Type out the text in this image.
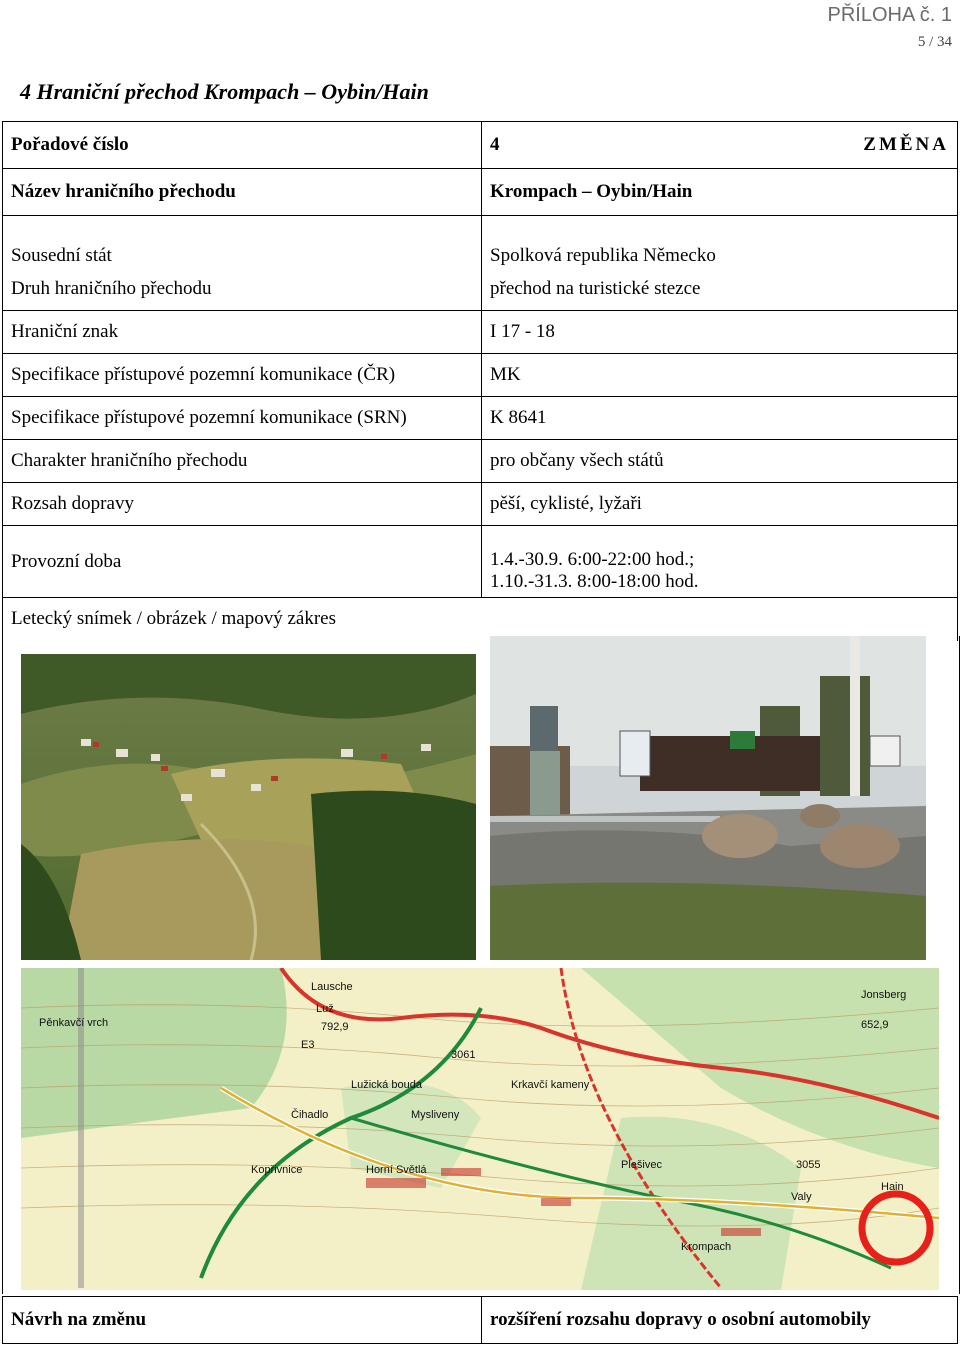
PŘÍLOHA č. 1
5 / 34
4 Hraniční přechod Krompach – Oybin/Hain
Pořadové číslo	4 ZMĚNA

Název hraničního přechodu	Krompach – Oybin/Hain
Sousední stát	Spolková republika Německo
Druh hraničního přechodu	přechod na turistické stezce
Hraniční znak	I 17 - 18
Specifikace přístupové pozemní komunikace (ČR)	MK
Specifikace přístupové pozemní komunikace (SRN)	K 8641
Charakter hraničního přechodu	pro občany všech států
Rozsah dopravy	pěší, cyklisté, lyžaři
Provozní doba	1.4.-30.9. 6:00-22:00 hod.;
1.10.-31.3. 8:00-18:00 hod.

Letecký snímek / obrázek / mapový zákres	
Lausche
Luž
792,9
Pěnkavčí vrch
Mysliveny
Horní Světlá
Krompach
652,9
Lužická bouda
Kopřivnice
Valy
Jonsberg
3061
3055
E3
Hain
Čihadlo
Krkavčí kameny
Plešivec
Návrh na změnu	rozšíření rozsahu dopravy o osobní automobily
